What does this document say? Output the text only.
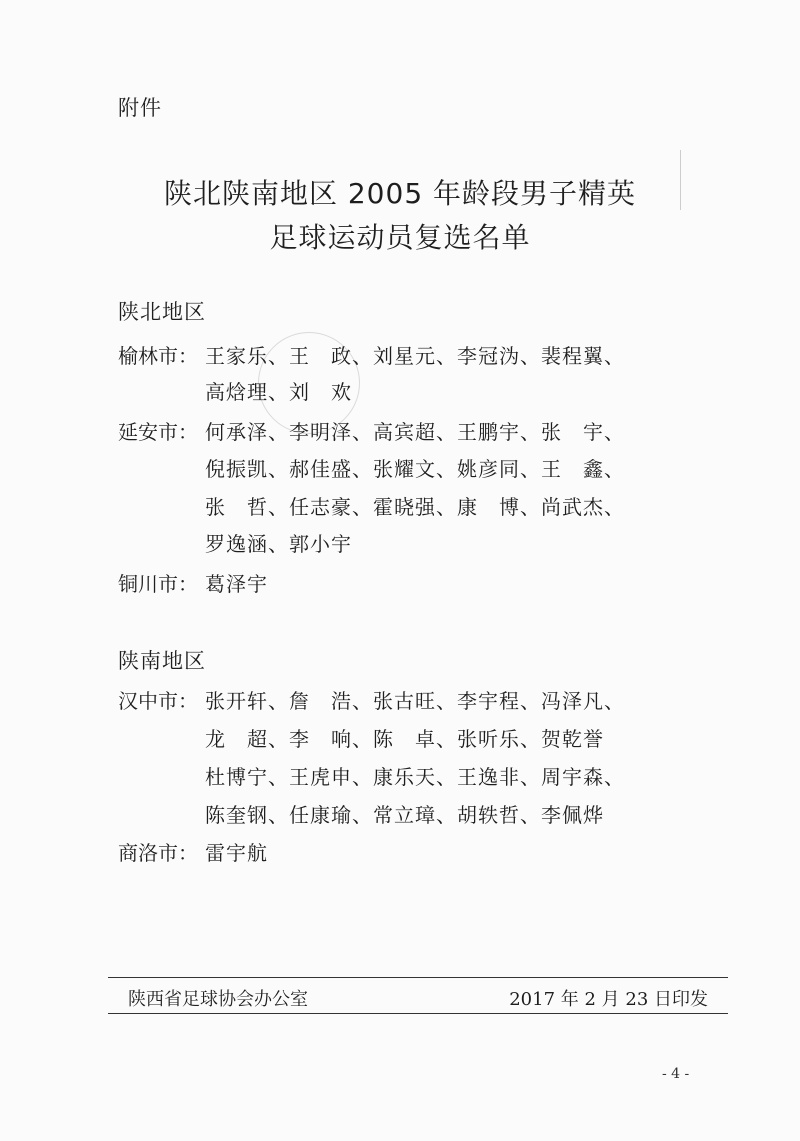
附件
陕北陕南地区 2005 年龄段男子精英
足球运动员复选名单
陕北地区
榆林市： 王家乐、王　政、刘星元、李冠沩、裴程翼、
高焓理、刘　欢
延安市： 何承泽、李明泽、高宾超、王鹏宇、张　宇、
倪振凯、郝佳盛、张耀文、姚彦同、王　鑫、
张　哲、任志豪、霍晓强、康　博、尚武杰、
罗逸涵、郭小宇
铜川市： 葛泽宇
陕南地区
汉中市： 张开轩、詹　浩、张古旺、李宇程、冯泽凡、
龙　超、李　响、陈　卓、张听乐、贺乾誉
杜博宁、王虎申、康乐天、王逸非、周宇森、
陈奎钢、任康瑜、常立璋、胡轶哲、李佩烨
商洛市： 雷宇航
陕西省足球协会办公室	2017 年 2 月 23 日印发
- 4 -
